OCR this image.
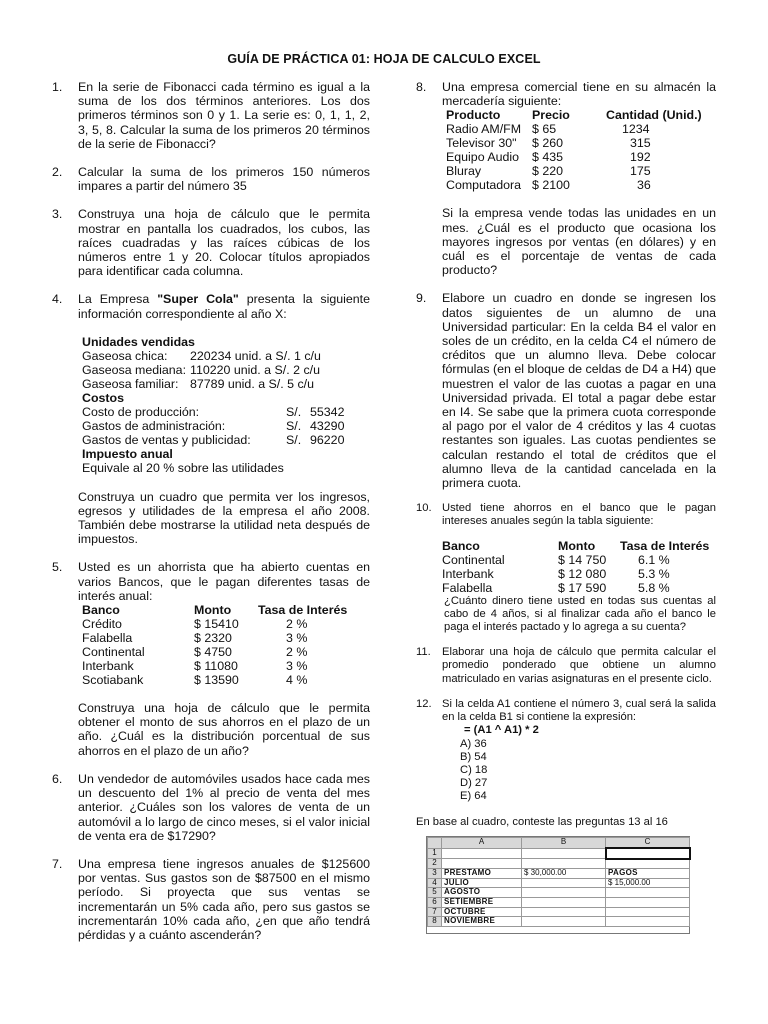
GUÍA DE PRÁCTICA 01: HOJA DE CALCULO EXCEL
1. En la serie de Fibonacci cada término es igual a la suma de los dos términos anteriores. Los dos primeros términos son 0 y 1. La serie es: 0, 1, 1, 2, 3, 5, 8. Calcular la suma de los primeros 20 términos de la serie de Fibonacci?

2. Calcular la suma de los primeros 150 números impares a partir del número 35

3. Construya una hoja de cálculo que le permita mostrar en pantalla los cuadrados, los cubos, las raíces cuadradas y las raíces cúbicas de los números entre 1 y 20. Colocar títulos apropiados para identificar cada columna.

4. La Empresa "Super Cola" presenta la siguiente información correspondiente al año X:

Unidades vendidas
Gaseosa chica:	220234 unid. a S/. 1 c/u
Gaseosa mediana:	110220 unid. a S/. 2 c/u
Gaseosa familiar:	87789 unid. a S/. 5 c/u
Costos
Costo de producción:	S/.	55342
Gastos de administración:	S/.	43290
Gastos de ventas y publicidad:	S/.	96220
Impuesto anual
Equivale al 20 % sobre las utilidades

Construya un cuadro que permita ver los ingresos, egresos y utilidades de la empresa el año 2008. También debe mostrarse la utilidad neta después de impuestos.

5. Usted es un ahorrista que ha abierto cuentas en varios Bancos, que le pagan diferentes tasas de interés anual:

Banco	Monto	Tasa de Interés
Crédito	$ 15410	2 %
Falabella	$ 2320	3 %
Continental	$ 4750	2 %
Interbank	$ 11080	3 %
Scotiabank	$ 13590	4 %

Construya una hoja de cálculo que le permita obtener el monto de sus ahorros en el plazo de un año. ¿Cuál es la distribución porcentual de sus ahorros en el plazo de un año?

6. Un vendedor de automóviles usados hace cada mes un descuento del 1% al precio de venta del mes anterior. ¿Cuáles son los valores de venta de un automóvil a lo largo de cinco meses, si el valor inicial de venta era de $17290?

7. Una empresa tiene ingresos anuales de $125600 por ventas. Sus gastos son de $87500 en el mismo período. Si proyecta que sus ventas se incrementarán un 5% cada año, pero sus gastos se incrementarán 10% cada año, ¿en que año tendrá pérdidas y a cuánto ascenderán?

8. Una empresa comercial tiene en su almacén la mercadería siguiente:

Producto	Precio	Cantidad (Unid.)
Radio AM/FM	$ 65	1234
Televisor 30"	$ 260	315
Equipo Audio	$ 435	192
Bluray	$ 220	175
Computadora	$ 2100	36

Si la empresa vende todas las unidades en un mes. ¿Cuál es el producto que ocasiona los mayores ingresos por ventas (en dólares) y en cuál es el porcentaje de ventas de cada producto?

9. Elabore un cuadro en donde se ingresen los datos siguientes de un alumno de una Universidad particular: En la celda B4 el valor en soles de un crédito, en la celda C4 el número de créditos que un alumno lleva. Debe colocar fórmulas (en el bloque de celdas de D4 a H4) que muestren el valor de las cuotas a pagar en una Universidad privada. El total a pagar debe estar en I4. Se sabe que la primera cuota corresponde al pago por el valor de 4 créditos y las 4 cuotas restantes son iguales. Las cuotas pendientes se calculan restando el total de créditos que el alumno lleva de la cantidad cancelada en la primera cuota.

10. Usted tiene ahorros en el banco que le pagan intereses anuales según la tabla siguiente:

Banco	Monto	Tasa de Interés
Continental	$ 14 750	6.1 %
Interbank	$ 12 080	5.3 %
Falabella	$ 17 590	5.8 %

¿Cuánto dinero tiene usted en todas sus cuentas al cabo de 4 años, si al finalizar cada año el banco le paga el interés pactado y lo agrega a su cuenta?

11. Elaborar una hoja de cálculo que permita calcular el promedio ponderado que obtiene un alumno matriculado en varias asignaturas en el presente ciclo.

12. Si la celda A1 contiene el número 3, cual será la salida en la celda B1 si contiene la expresión:

= (A1 ^ A1) * 2
A) 36
B) 54
C) 18
D) 27
E) 64
En base al cuadro, conteste las preguntas 13 al 16
	A	B	C
1			
2			
3	PRESTAMO	$ 30,000.00	PAGOS
4	JULIO		$ 15,000.00
5	AGOSTO		
6	SETIEMBRE		
7	OCTUBRE		
8	NOVIEMBRE		
